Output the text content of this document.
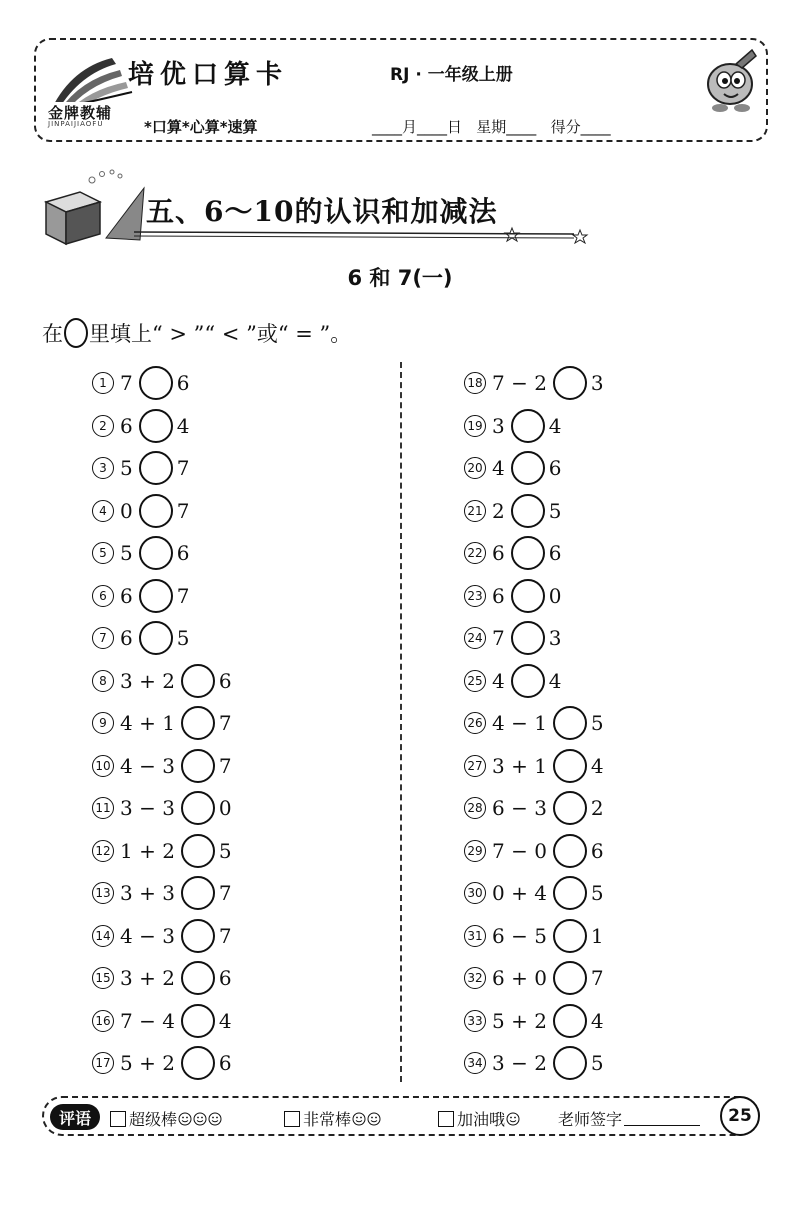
金牌教辅
JINPAIJIAOFU
培优口算卡	RJ · 一年级上册
*口算*心算*速算	____月____日   星期____   得分____
五、6～10的认识和加减法
6 和 7(一)
在 里填上“ > ”“ < ”或“ = ”。
1 7 6
2 6 4
3 5 7
4 0 7
5 5 6
6 6 7
7 6 5
8 3 + 2 6
9 4 + 1 7
10 4 − 3 7
11 3 − 3 0
12 1 + 2 5
13 3 + 3 7
14 4 − 3 7
15 3 + 2 6
16 7 − 4 4
17 5 + 2 6
18 7 − 2 3
19 3 4
20 4 6
21 2 5
22 6 6
23 6 0
24 7 3
25 4 4
26 4 − 1 5
27 3 + 1 4
28 6 − 3 2
29 7 − 0 6
30 0 + 4 5
31 6 − 5 1
32 6 + 0 7
33 5 + 2 4
34 3 − 2 5
评语	超级棒	非常棒	加油哦	老师签字	25
